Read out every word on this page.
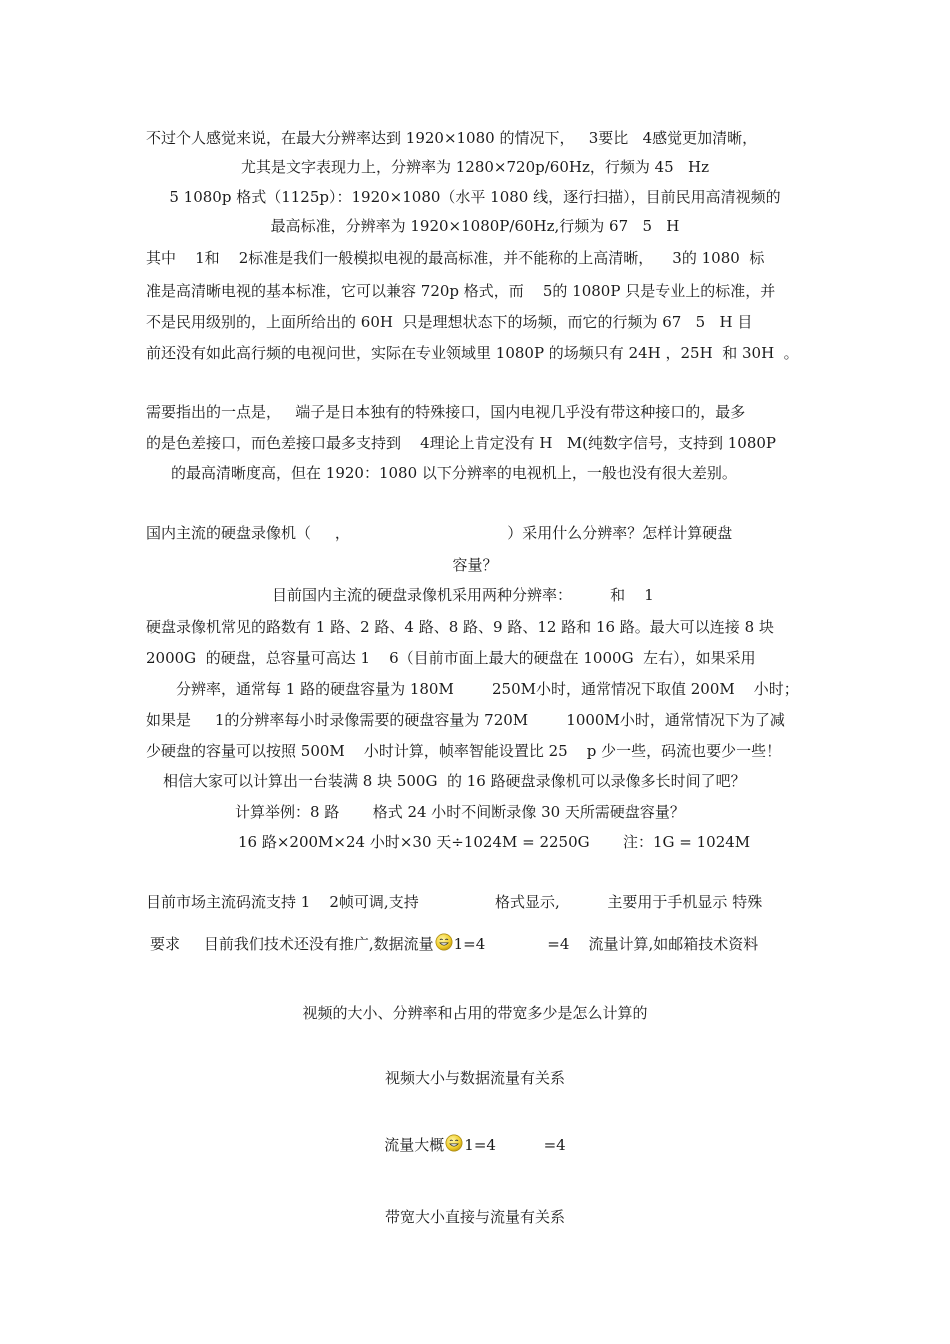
不过个人感觉来说，在最大分辨率达到 1920×1080 的情况下，   3要比   4感觉更加清晰，
尤其是文字表现力上，分辨率为 1280×720p/60Hz，行频为 45   Hz
5 1080p 格式（1125p）：1920×1080（水平 1080 线，逐行扫描），目前民用高清视频的
最高标准，分辨率为 1920×1080P/60Hz,行频为 67   5   H
其中    1和    2标准是我们一般模拟电视的最高标准，并不能称的上高清晰，    3的 1080  标
准是高清晰电视的基本标准，它可以兼容 720p 格式，而    5的 1080P 只是专业上的标准，并
不是民用级别的，上面所给出的 60H  只是理想状态下的场频，而它的行频为 67   5   H 目
前还没有如此高行频的电视问世，实际在专业领域里 1080P 的场频只有 24H ，25H  和 30H  。
需要指出的一点是，   端子是日本独有的特殊接口，国内电视几乎没有带这种接口的，最多
的是色差接口，而色差接口最多支持到    4理论上肯定没有 H   M(纯数字信号，支持到 1080P
的最高清晰度高，但在 1920：1080 以下分辨率的电视机上，一般也没有很大差别。
国内主流的硬盘录像机（     ，                                 ）采用什么分辨率？怎样计算硬盘
容量？
目前国内主流的硬盘录像机采用两种分辨率：        和    1
硬盘录像机常见的路数有 1 路、2 路、4 路、8 路、9 路、12 路和 16 路。最大可以连接 8 块
2000G  的硬盘，总容量可高达 1    6（目前市面上最大的硬盘在 1000G  左右），如果采用
分辨率，通常每 1 路的硬盘容量为 180M        250M小时，通常情况下取值 200M    小时；
如果是     1的分辨率每小时录像需要的硬盘容量为 720M        1000M小时，通常情况下为了减
少硬盘的容量可以按照 500M    小时计算，帧率智能设置比 25    p 少一些，码流也要少一些！
相信大家可以计算出一台装满 8 块 500G  的 16 路硬盘录像机可以录像多长时间了吧？
计算举例：8 路       格式 24 小时不间断录像 30 天所需硬盘容量？
16 路×200M×24 小时×30 天÷1024M = 2250G       注：1G = 1024M
目前市场主流码流支持 1    2帧可调,支持                格式显示,          主要用于手机显示 特殊
要求     目前我们技术还没有推广,数据流量 1=4             =4    流量计算,如邮箱技术资料
视频的大小、分辨率和占用的带宽多少是怎么计算的
视频大小与数据流量有关系
流量大概 1=4          =4
带宽大小直接与流量有关系
